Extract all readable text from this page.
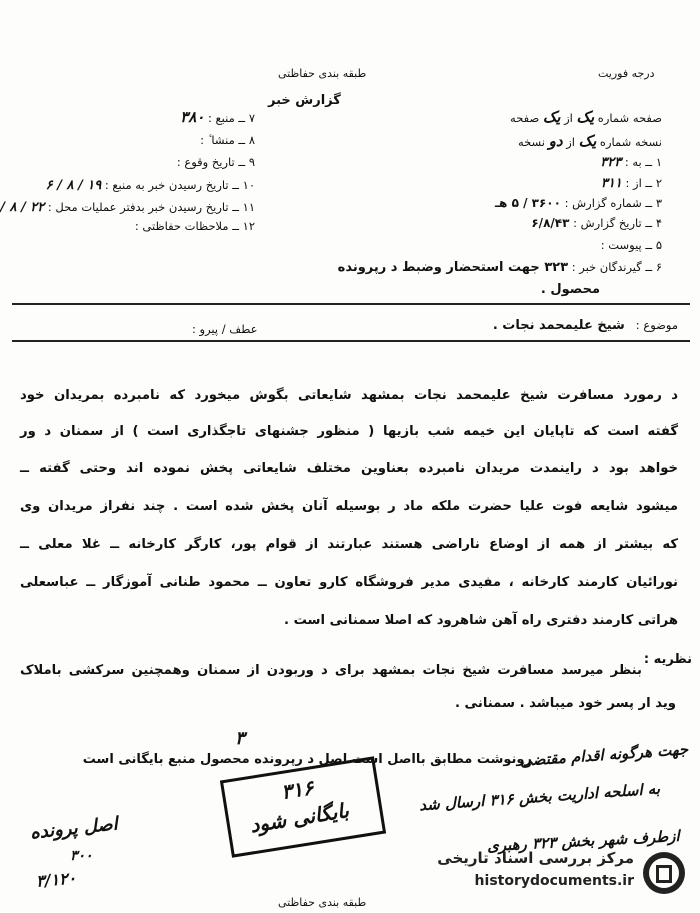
طبقه بندی حفاظتی	درجه فوریت
گزارش خبر
۷ ــ منبع : ۳۸۰
۸ ــ منشا ٔ :
۹ ــ تاریخ وقوع :
۱۰ ــ تاریخ رسیدن خبر به منبع : ۱۹ / ۸ / ۶
۱۱ ــ تاریخ رسیدن خبر بدفتر عملیات محل : ۲۲ / ۸ /
۱۲ ــ ملاحظات حفاظتی :
صفحه شماره یک از یک صفحه
نسخه شماره یک از دو نسخه
۱ ــ به : ۳۲۳
۲ ــ از : ۳۱۱
۳ ــ شماره گزارش : ۳۶۰۰ / ۵ هـ
۴ ــ تاریخ گزارش : ۶/۸/۴۳
۵ ــ پیوست :
۶ ــ گیرندگان خبر : ۳۲۳ جهت استحضار وضبط د رپرونده
محصول .
موضوع :   شیخ علیمحمد نجات .
عطف / پیرو :
د رمورد مسافرت شیخ علیمحمد نجات بمشهد شایعاتی بگوش میخورد که نامبرده بمریدان خود
گفته است که تاپایان این خیمه شب بازیها ( منظور جشنهای تاجگذاری است ) از سمنان د ور
خواهد بود د راینمدت مریدان نامبرده بعناوین مختلف شایعاتی پخش نموده اند وحتی گفته ــ
میشود شایعه فوت علیا حضرت ملکه ماد ر بوسیله آنان پخش شده است . چند نفراز مریدان وی
که بیشتر از همه از اوضاع ناراضی هستند عبارتند از قوام پور، کارگر کارخانه ــ غلا معلی ــ
نورائیان کارمند کارخانه ، مفیدی مدیر فروشگاه کارو تعاون ــ محمود طنانی آموزگار ــ عباسعلی
هراتی کارمند دفتری راه آهن شاهرود که اصلا سمنانی است .
نظریه :
بنظر میرسد مسافرت شیخ نجات بمشهد برای د وربودن از سمنان وهمچنین سرکشی باملاک
وید ار پسر خود میباشد . سمنانی .
رونوشت مطابق بااصل است اصل د رپرونده محصول منبع بایگانی است
جهت هرگونه اقدام مقتضی
به اسلحه اداریت بخش ۳۱۶ ارسال شد
ازطرف شهر بخش ۳۲۳ رهبری
اصل پرونده
۳۰۰
۳/۱۲۰
۳
۳۱۶
بایگانی شود
طبقه بندی حفاظتی
مرکز بررسی اسناد تاریخی
historydocuments.ir
